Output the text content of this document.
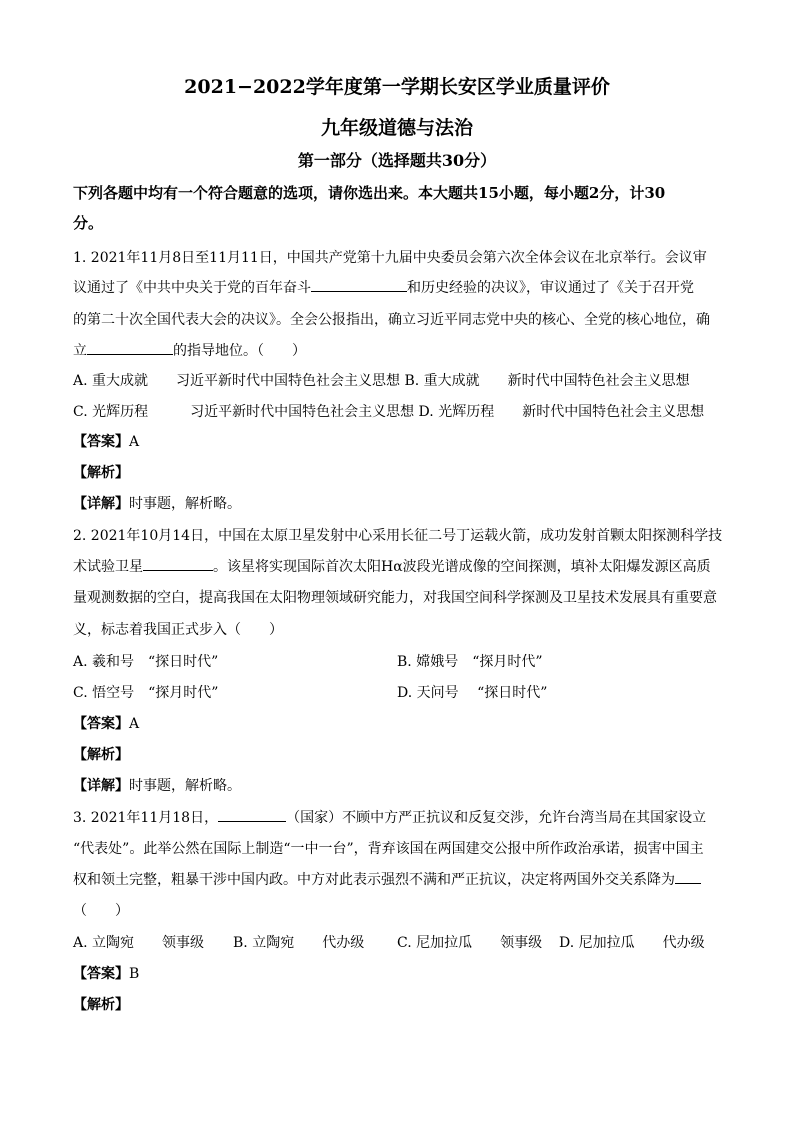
2021−2022学年度第一学期长安区学业质量评价
九年级道德与法治
第一部分（选择题共30分）
下列各题中均有一个符合题意的选项，请你选出来。本大题共15小题，每小题2分，计30
分。
1. 2021年11月8日至11月11日，中国共产党第十九届中央委员会第六次全体会议在北京举行。会议审
议通过了《中共中央关于党的百年奋斗	和历史经验的决议》，审议通过了《关于召开党
的第二十次全国代表大会的决议》。全会公报指出，确立习近平同志党中央的核心、全党的核心地位，确
立	的指导地位。（　　）
A. 重大成就　　习近平新时代中国特色社会主义思想 B. 重大成就　　新时代中国特色社会主义思想
C. 光辉历程　　　习近平新时代中国特色社会主义思想 D. 光辉历程　　新时代中国特色社会主义思想
【答案】A
【解析】
【详解】时事题，解析略。
2. 2021年10月14日，中国在太原卫星发射中心采用长征二号丁运载火箭，成功发射首颗太阳探测科学技
术试验卫星	。该星将实现国际首次太阳Hα波段光谱成像的空间探测，填补太阳爆发源区高质
量观测数据的空白，提高我国在太阳物理领域研究能力，对我国空间科学探测及卫星技术发展具有重要意
义，标志着我国正式步入（　　）
A. 羲和号　“探日时代”	B. 嫦娥号　“探月时代”
C. 悟空号　“探月时代”	D. 天问号　 “探日时代”
【答案】A
【解析】
【详解】时事题，解析略。
3. 2021年11月18日，	（国家）不顾中方严正抗议和反复交涉，允许台湾当局在其国家设立
“代表处”。此举公然在国际上制造“一中一台”，背弃该国在两国建交公报中所作政治承诺，损害中国主
权和领土完整，粗暴干涉中国内政。中方对此表示强烈不满和严正抗议，决定将两国外交关系降为
（　　）
A. 立陶宛　　领事级 B. 立陶宛　　代办级 C. 尼加拉瓜　　领事级 D. 尼加拉瓜　　代办级
【答案】B
【解析】
